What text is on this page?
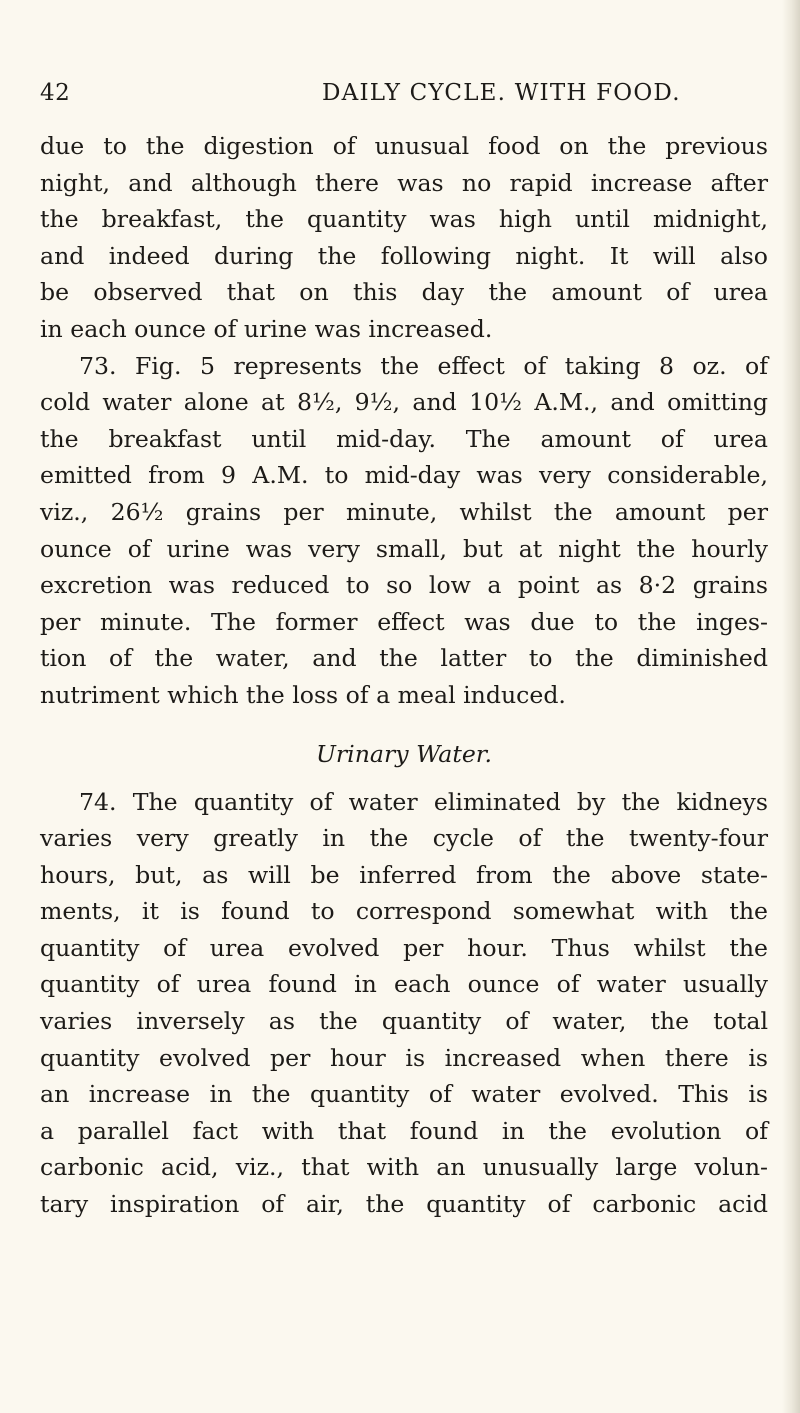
42	DAILY CYCLE. WITH FOOD.
due to the digestion of unusual food on the previous
night, and although there was no rapid increase after
the breakfast, the quantity was high until midnight,
and indeed during the following night. It will also
be observed that on this day the amount of urea
in each ounce of urine was increased.
73. Fig. 5 represents the effect of taking 8 oz. of
cold water alone at 8½, 9½, and 10½ A.M., and omitting
the breakfast until mid-day. The amount of urea
emitted from 9 A.M. to mid-day was very considerable,
viz., 26½ grains per minute, whilst the amount per
ounce of urine was very small, but at night the hourly
excretion was reduced to so low a point as 8·2 grains
per minute. The former effect was due to the inges-
tion of the water, and the latter to the diminished
nutriment which the loss of a meal induced.
Urinary Water.
74. The quantity of water eliminated by the kidneys
varies very greatly in the cycle of the twenty-four
hours, but, as will be inferred from the above state-
ments, it is found to correspond somewhat with the
quantity of urea evolved per hour. Thus whilst the
quantity of urea found in each ounce of water usually
varies inversely as the quantity of water, the total
quantity evolved per hour is increased when there is
an increase in the quantity of water evolved. This is
a parallel fact with that found in the evolution of
carbonic acid, viz., that with an unusually large volun-
tary inspiration of air, the quantity of carbonic acid
